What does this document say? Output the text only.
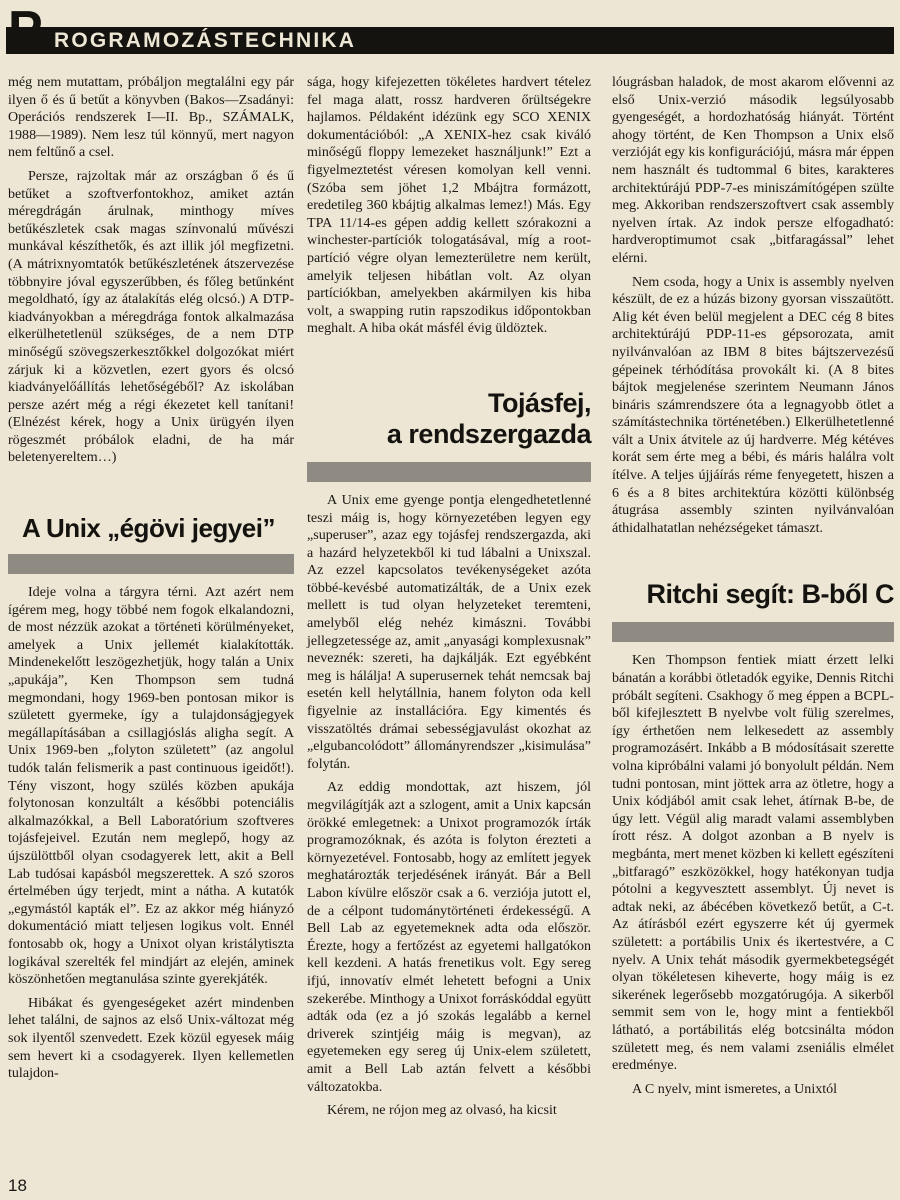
P ROGRAMOZÁSTECHNIKA

még nem mutattam, próbáljon megtalálni egy pár ilyen ő és ű betűt a könyvben (Bakos—Zsadányi: Operációs rendszerek I—II. Bp., SZÁMALK, 1988—1989). Nem lesz túl könnyű, mert nagyon nem feltűnő a csel.

Persze, rajzoltak már az országban ő és ű betűket a szoftverfontokhoz, amiket aztán méregdrágán árulnak, minthogy míves betűkészletek csak magas színvonalú művészi munkával készíthetők, és azt illik jól megfizetni. (A mátrixnyomtatók betűkészletének átszervezése többnyire jóval egyszerűbben, és főleg betűnként megoldható, így az átalakítás elég olcsó.) A DTP-kiadványokban a méregdrága fontok alkalmazása elkerülhetetlenül szükséges, de a nem DTP minőségű szövegszerkesztőkkel dolgozókat miért zárjuk ki a közvetlen, ezert gyors és olcsó kiadványelőállítás lehetőségéből? Az iskolában persze azért még a régi ékezetet kell tanítani! (Elnézést kérek, hogy a Unix ürügyén ilyen rögeszmét próbálok eladni, de ha már beletenyereltem…)

A Unix „égövi jegyei”

Ideje volna a tárgyra térni. Azt azért nem ígérem meg, hogy többé nem fogok elkalandozni, de most nézzük azokat a történeti körülményeket, amelyek a Unix jellemét kialakították. Mindenekelőtt leszögezhetjük, hogy talán a Unix „apukája”, Ken Thompson sem tudná megmondani, hogy 1969-ben pontosan mikor is született gyermeke, így a tulajdonságjegyek megállapításában a csillagjóslás aligha segít. A Unix 1969-ben „folyton született” (az angolul tudók talán felismerik a past continuous igeidőt!). Tény viszont, hogy szülés közben apukája folytonosan konzultált a későbbi potenciális alkalmazókkal, a Bell Laboratórium szoftveres tojásfejeivel. Ezután nem meglepő, hogy az újszülöttből olyan csodagyerek lett, akit a Bell Lab tudósai kapásból megszerettek. A szó szoros értelmében úgy terjedt, mint a nátha. A kutatók „egymástól kapták el”. Ez az akkor még hiányzó dokumentáció miatt teljesen logikus volt. Ennél fontosabb ok, hogy a Unixot olyan kristálytiszta logikával szerelték fel mindjárt az elején, aminek köszönhetően megtanulása szinte gyerekjáték.

Hibákat és gyengeségeket azért mindenben lehet találni, de sajnos az első Unix-változat még sok ilyentől szenvedett. Ezek közül egyesek máig sem hevert ki a csodagyerek. Ilyen kellemetlen tulajdon-

sága, hogy kifejezetten tökéletes hardvert tételez fel maga alatt, rossz hardveren őrültségekre hajlamos. Példaként idézünk egy SCO XENIX dokumentációból: „A XENIX-hez csak kiváló minőségű floppy lemezeket használjunk!” Ezt a figyelmeztetést véresen komolyan kell venni. (Szóba sem jöhet 1,2 Mbájtra formázott, eredetileg 360 kbájtig alkalmas lemez!) Más. Egy TPA 11/14-es gépen addig kellett szórakozni a winchester-partíciók tologatásával, míg a root-partíció végre olyan lemezterületre nem került, amelyik teljesen hibátlan volt. Az olyan partíciókban, amelyekben akármilyen kis hiba volt, a swapping rutin rapszodikus időpontokban meghalt. A hiba okát másfél évig üldöztek.

Tojásfej,
a rendszergazda

A Unix eme gyenge pontja elengedhetetlenné teszi máig is, hogy környezetében legyen egy „superuser”, azaz egy tojásfej rendszergazda, aki a hazárd helyzetekből ki tud lábalni a Unixszal. Az ezzel kapcsolatos tevékenységeket azóta többé-kevésbé automatizálták, de a Unix ezek mellett is tud olyan helyzeteket teremteni, amelyből elég nehéz kimászni. További jellegzetessége az, amit „anyasági komplexusnak” neveznék: szereti, ha dajkálják. Ezt egyébként meg is hálálja! A superusernek tehát nemcsak baj esetén kell helytállnia, hanem folyton oda kell figyelnie az installációra. Egy kimentés és visszatöltés drámai sebességjavulást okozhat az „elgubancolódott” állományrendszer „kisimulása” folytán.

Az eddig mondottak, azt hiszem, jól megvilágítják azt a szlogent, amit a Unix kapcsán örökké emlegetnek: a Unixot programozók írták programozóknak, és azóta is folyton érezteti a környezetével. Fontosabb, hogy az említett jegyek meghatározták terjedésének irányát. Bár a Bell Labon kívülre először csak a 6. verziója jutott el, de a célpont tudománytörténeti érdekességű. A Bell Lab az egyetemeknek adta oda először. Érezte, hogy a fertőzést az egyetemi hallgatókon kell kezdeni. A hatás frenetikus volt. Egy sereg ifjú, innovatív elmét lehetett befogni a Unix szekerébe. Minthogy a Unixot forráskóddal együtt adták oda (ez a jó szokás legalább a kernel driverek szintjéig máig is megvan), az egyetemeken egy sereg új Unix-elem született, amit a Bell Lab aztán felvett a későbbi változatokba.

Kérem, ne rójon meg az olvasó, ha kicsit

lóugrásban haladok, de most akarom elővenni az első Unix-verzió második legsúlyosabb gyengeségét, a hordozhatóság hiányát. Történt ahogy történt, de Ken Thompson a Unix első verzióját egy kis konfigurációjú, másra már éppen nem használt és tudtommal 6 bites, karakteres architektúrájú PDP-7-es miniszámítógépen szülte meg. Akkoriban rendszerszoftvert csak assembly nyelven írtak. Az indok persze elfogadható: hardveroptimumot csak „bitfaragással” lehet elérni.

Nem csoda, hogy a Unix is assembly nyelven készült, de ez a húzás bizony gyorsan visszaütött. Alig két éven belül megjelent a DEC cég 8 bites architektúrájú PDP-11-es gépsorozata, amit nyilvánvalóan az IBM 8 bites bájtszervezésű gépeinek térhódítása provokált ki. (A 8 bites bájtok megjelenése szerintem Neumann János bináris számrendszere óta a legnagyobb ötlet a számítástechnika történetében.) Elkerülhetetlenné vált a Unix átvitele az új hardverre. Még kétéves korát sem érte meg a bébi, és máris halálra volt ítélve. A teljes újjáírás réme fenyegetett, hiszen a 6 és a 8 bites architektúra közötti különbség átugrása assembly szinten nyilvánvalóan áthidalhatatlan nehézségeket támaszt.

Ritchi segít: B-ből C

Ken Thompson fentiek miatt érzett lelki bánatán a korábbi ötletadók egyike, Dennis Ritchi próbált segíteni. Csakhogy ő meg éppen a BCPL-ből kifejlesztett B nyelvbe volt fülig szerelmes, így érthetően nem lelkesedett az assembly programozásért. Inkább a B módosításait szerette volna kipróbálni valami jó bonyolult példán. Nem tudni pontosan, mint jöttek arra az ötletre, hogy a Unix kódjából amit csak lehet, átírnak B-be, de úgy lett. Végül alig maradt valami assemblyben írott rész. A dolgot azonban a B nyelv is megbánta, mert menet közben ki kellett egészíteni „bitfaragó” eszközökkel, hogy hatékonyan tudja pótolni a kegyvesztett assemblyt. Új nevet is adtak neki, az ábécében következő betűt, a C-t. Az átírásból ezért egyszerre két új gyermek született: a portábilis Unix és ikertestvére, a C nyelv. A Unix tehát második gyermekbetegségét olyan tökéletesen kiheverte, hogy máig is ez sikerének legerősebb mozgatórugója. A sikerből semmit sem von le, hogy mint a fentiekből látható, a portábilitás elég botcsinálta módon született meg, és nem valami zseniális elmélet eredménye.

A C nyelv, mint ismeretes, a Unixtól

18
